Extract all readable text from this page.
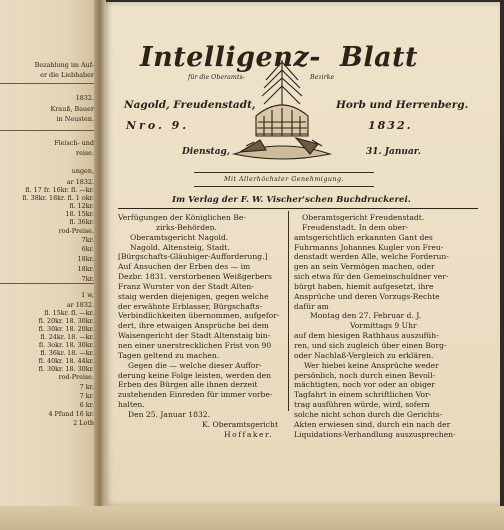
Bezahlung im Auf-
er die Liebhaber
1832.
Krauß, Bauer
in Neusten.
Fleisch- und
reise.
ungen,
ar 1832.
fl. 17 fr. 16kr. fl. —kr.
fl. 38kr. 18kr. fl. 1 okr.
fl. 12kr.
18. 15kr.
fl. 36kr.
rod-Preise.
7kr.
6kr.
18kr.
18kr.
7kr.
1 w,
ar 1832.
fl. 15kr. fl. —kr.
fl. 20kr. 18. 30kr.
fl. 30kr. 18. 20kr.
fl. 24kr. 18. —kr.
fl. 3okr. 18. 30kr.
fl. 36kr. 18. —kr.
fl. 40kr. 18. 44kr.
fl. 30kr. 18. 30kr.
rod-Preise.
7 kr.
7 kr.
6 kr.
4 Pfund 16 kr.
2 Loth
Intelligenz- Blatt
für die Oberamts-	Bezirke
Nagold, Freudenstadt,	Horb und Herrenberg.
Nro. 9.	1832.
Dienstag,	31. Januar.
Mit Allerhöchster Genehmigung.
Im Verlag der F. W. Vischer'schen Buchdruckerei.
Verfügungen der Königlichen Be-
zirks-Behörden.
Oberamtsgericht Nagold.
Nagold. Altensteig, Stadt.
[Bürgschafts-Gläubiger-Aufforderung.]
Auf Ansuchen der Erben des — im
Dezbr. 1831. verstorbenen Weißgerbers
Franz Wurster von der Stadt Alten-
staig werden diejenigen, gegen welche
der erwähnte Erblasser, Bürgschafts-
Verbindlichkeiten übernommen, aufgefor-
dert, ihre etwaigen Ansprüche bei dem
Waisengericht der Stadt Altenstaig bin-
nen einer unerstrecklichen Frist von 90
Tagen geltend zu machen.
Gegen die — welche dieser Auffor-
derung keine Folge leisten, werden den
Erben des Bürgen alle ihnen derzeit
zustehenden Einreden für immer vorbe-
halten.
Den 25. Januar 1832.
K. Oberamtsgericht
Hoffaker.
Oberamtsgericht Freudenstadt.
Freudenstadt. In dem ober-
amtsgerichtlich erkannten Gant des
Fuhrmanns Johannes Kugler von Freu-
denstadt werden Alle, welche Forderun-
gen an sein Vermögen machen, oder
sich etwa für den Gemeinschuldner ver-
bürgt haben, hiemit aufgesetzt, ihre
Ansprüche und deren Vorzugs-Rechte
dafür am
Montag den 27. Februar d. J.
Vormittags 9 Uhr
auf dem hiesigen Rathhaus auszufüh-
ren, und sich zugleich über einen Borg-
oder Nachlaß-Vergleich zu erklären.
Wer hiebei keine Ansprüche weder
persönlich, noch durch einen Bevoll-
mächtigten, noch vor oder an obiger
Tagfahrt in einem schriftlichen Vor-
trag ausführen würde, wird, sofern
solche nicht schon durch die Gerichts-
Akten erwiesen sind, durch ein nach der
Liquidations-Verhandlung auszusprechen-
